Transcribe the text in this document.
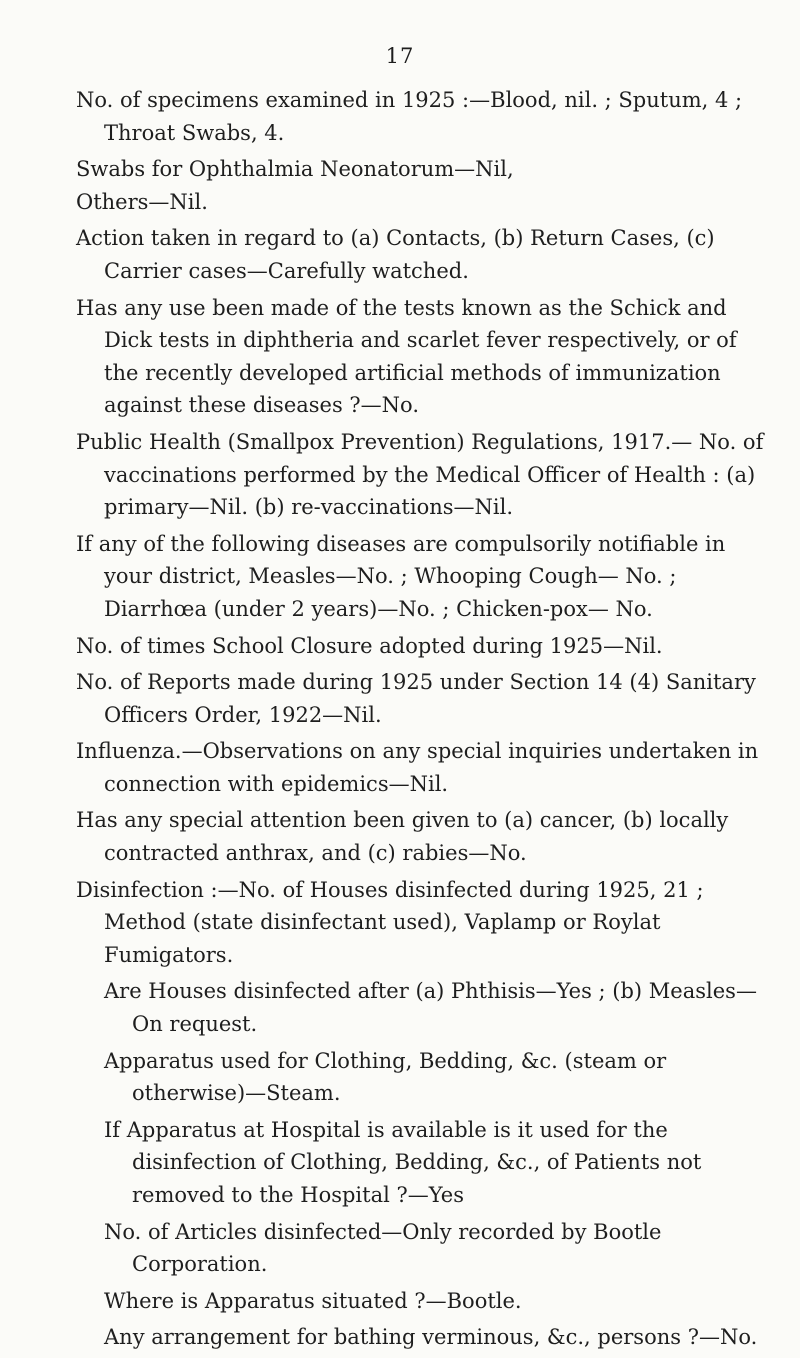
17

No. of specimens examined in 1925 :—Blood, nil. ; Sputum, 4 ; Throat Swabs, 4.

Swabs for Ophthalmia Neonatorum—Nil,

Others—Nil.

Action taken in regard to (a) Contacts, (b) Return Cases, (c) Carrier cases—Carefully watched.

Has any use been made of the tests known as the Schick and Dick tests in diphtheria and scarlet fever respectively, or of the recently developed artificial methods of immunization against these diseases ?—No.

Public Health (Smallpox Prevention) Regulations, 1917.— No. of vaccinations performed by the Medical Officer of Health : (a) primary—Nil. (b) re-vaccinations—Nil.

If any of the following diseases are compulsorily notifiable in your district, Measles—No. ; Whooping Cough— No. ; Diarrhœa (under 2 years)—No. ; Chicken-pox— No.

No. of times School Closure adopted during 1925—Nil.

No. of Reports made during 1925 under Section 14 (4) Sanitary Officers Order, 1922—Nil.

Influenza.—Observations on any special inquiries undertaken in connection with epidemics—Nil.

Has any special attention been given to (a) cancer, (b) locally contracted anthrax, and (c) rabies—No.

Disinfection :—No. of Houses disinfected during 1925, 21 ; Method (state disinfectant used), Vaplamp or Roylat Fumigators.

Are Houses disinfected after (a) Phthisis—Yes ; (b) Measles—On request.

Apparatus used for Clothing, Bedding, &c. (steam or otherwise)—Steam.

If Apparatus at Hospital is available is it used for the disinfection of Clothing, Bedding, &c., of Patients not removed to the Hospital ?—Yes

No. of Articles disinfected—Only recorded by Bootle Corporation.

Where is Apparatus situated ?—Bootle.

Any arrangement for bathing verminous, &c., persons ?—No.
